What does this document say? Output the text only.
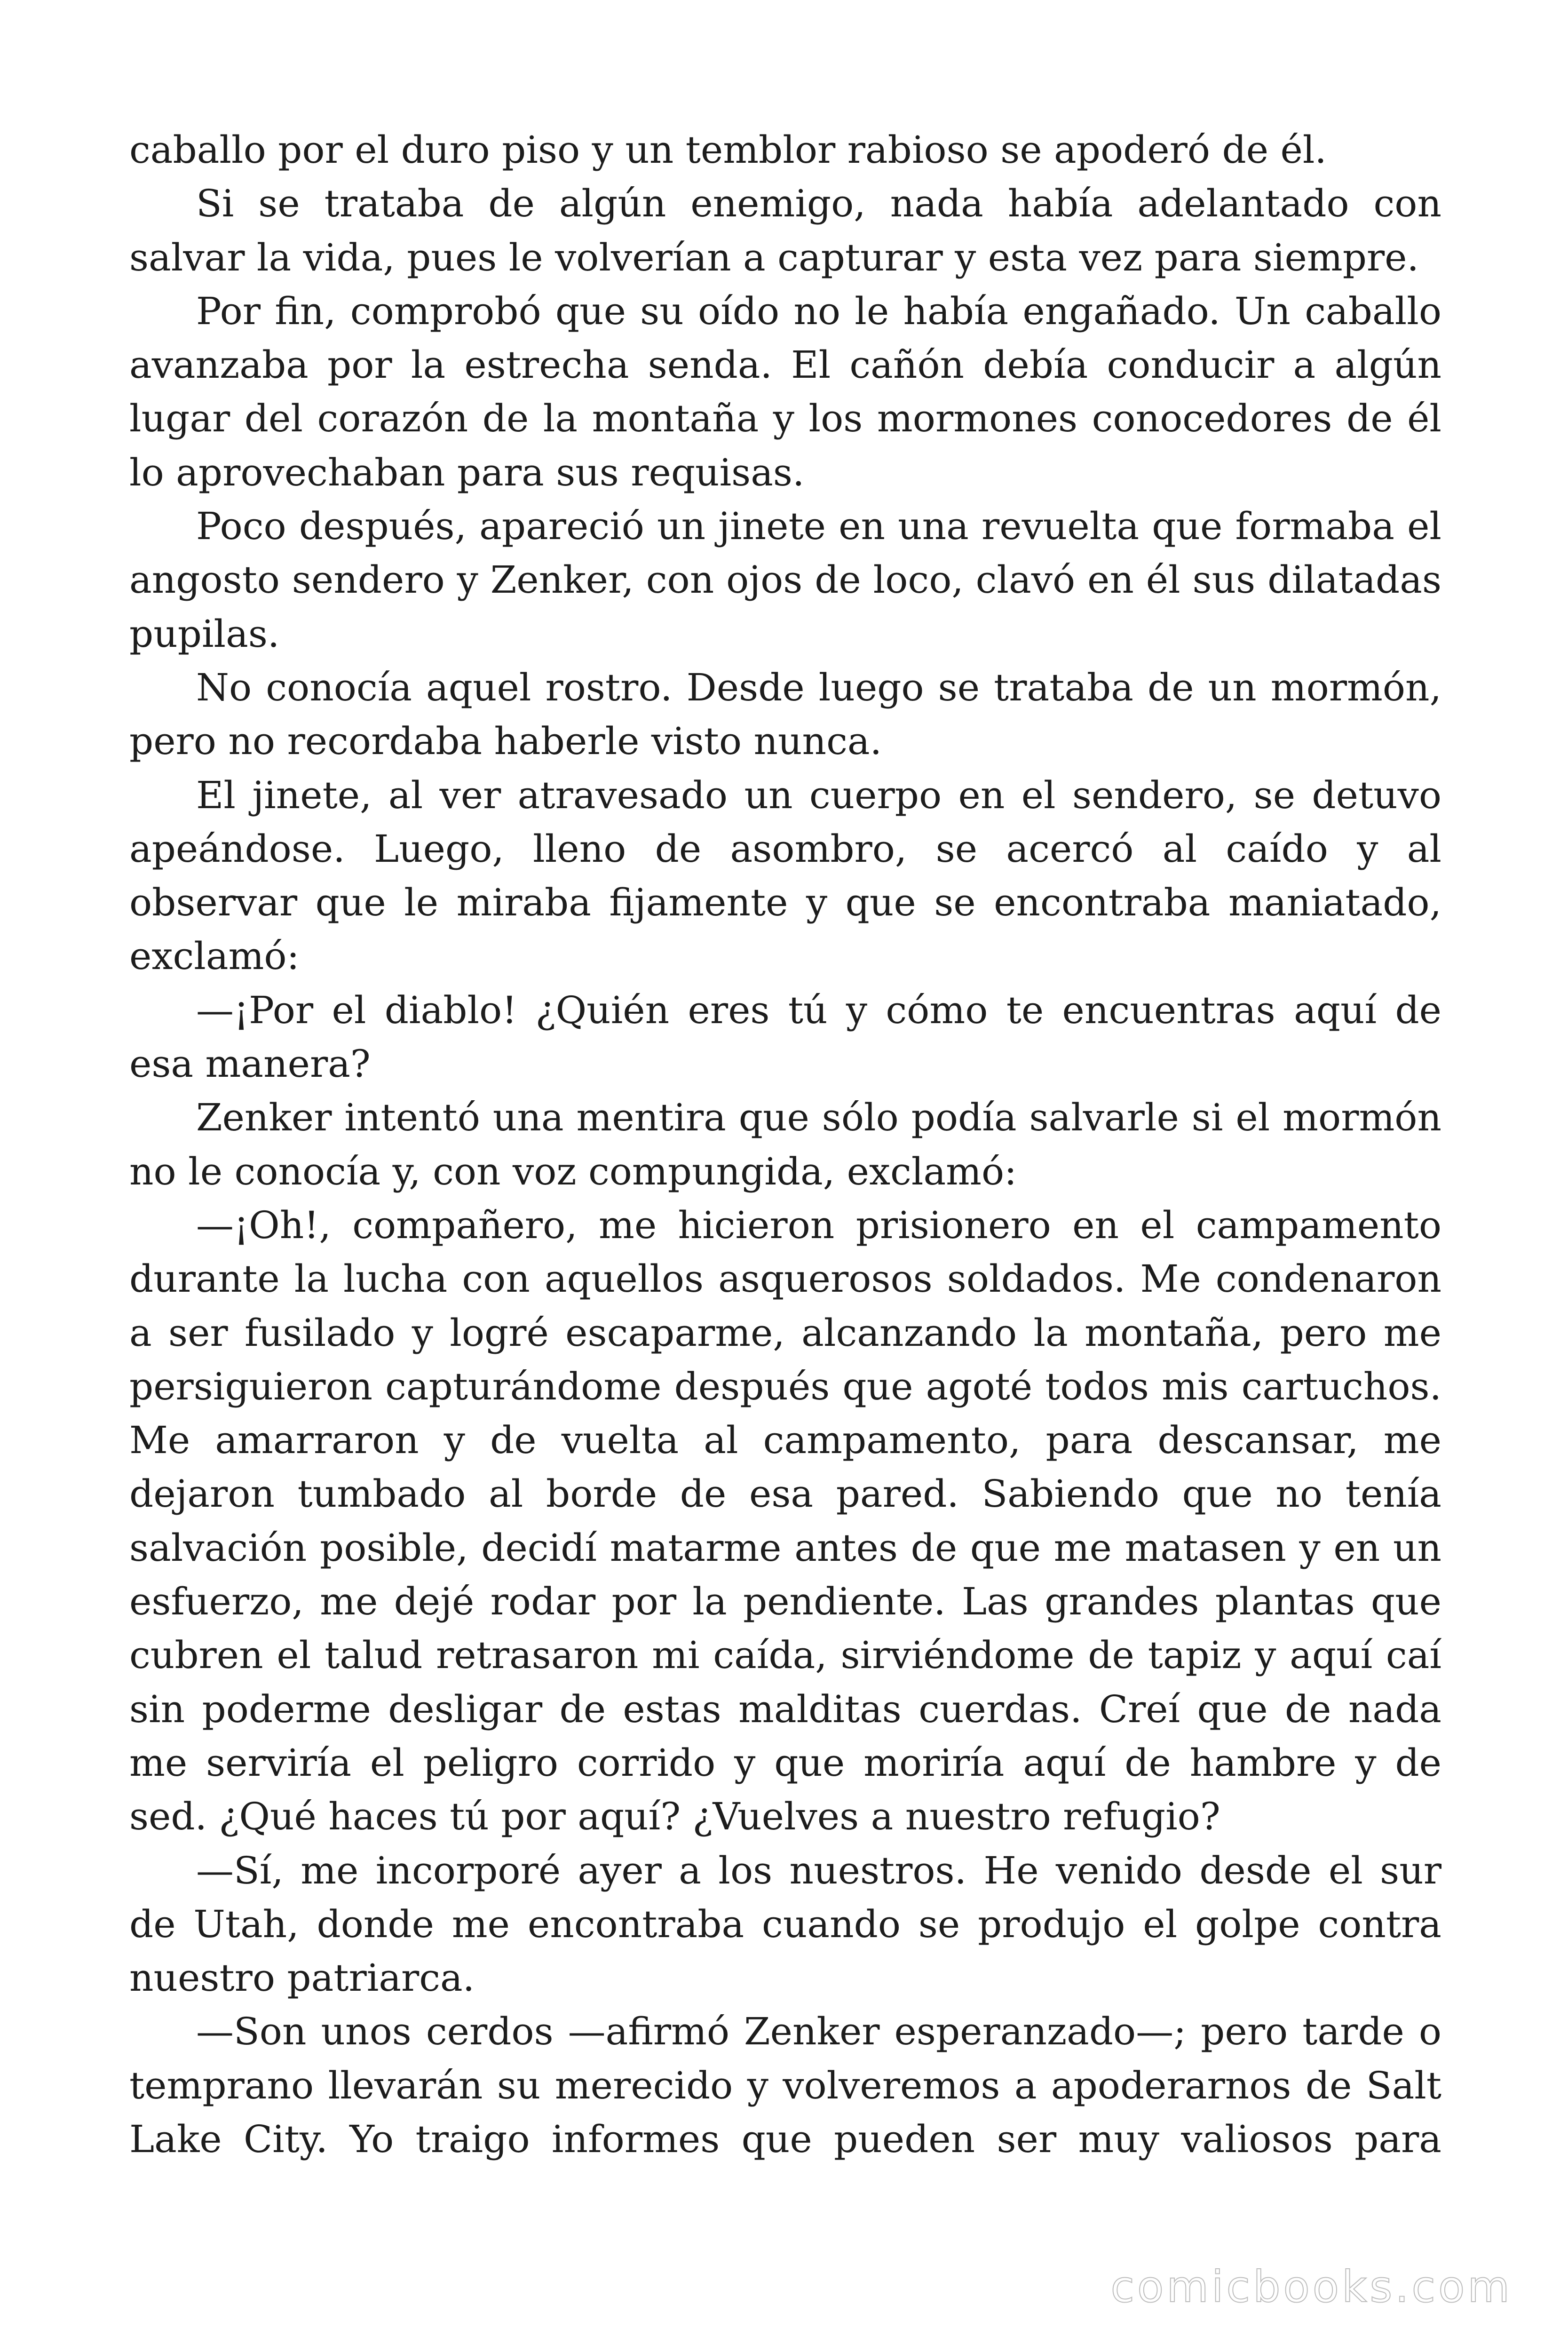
caballo por el duro piso y un temblor rabioso se apoderó de él.

Si se trataba de algún enemigo, nada había adelantado con salvar la vida, pues le volverían a capturar y esta vez para siempre.

Por fin, comprobó que su oído no le había engañado. Un caballo avanzaba por la estrecha senda. El cañón debía conducir a algún lugar del corazón de la montaña y los mormones conocedores de él lo aprovechaban para sus requisas.

Poco después, apareció un jinete en una revuelta que formaba el angosto sendero y Zenker, con ojos de loco, clavó en él sus dilatadas pupilas.

No conocía aquel rostro. Desde luego se trataba de un mormón, pero no recordaba haberle visto nunca.

El jinete, al ver atravesado un cuerpo en el sendero, se detuvo apeándose. Luego, lleno de asombro, se acercó al caído y al observar que le miraba fijamente y que se encontraba maniatado, exclamó:

—¡Por el diablo! ¿Quién eres tú y cómo te encuentras aquí de esa manera?

Zenker intentó una mentira que sólo podía salvarle si el mormón no le conocía y, con voz compungida, exclamó:

—¡Oh!, compañero, me hicieron prisionero en el campamento durante la lucha con aquellos asquerosos soldados. Me condenaron a ser fusilado y logré escaparme, alcanzando la montaña, pero me persiguieron capturándome después que agoté todos mis cartuchos. Me amarraron y de vuelta al campamento, para descansar, me dejaron tumbado al borde de esa pared. Sabiendo que no tenía salvación posible, decidí matarme antes de que me matasen y en un esfuerzo, me dejé rodar por la pendiente. Las grandes plantas que cubren el talud retrasaron mi caída, sirviéndome de tapiz y aquí caí sin poderme desligar de estas malditas cuerdas. Creí que de nada me serviría el peligro corrido y que moriría aquí de hambre y de sed. ¿Qué haces tú por aquí? ¿Vuelves a nuestro refugio?

—Sí, me incorporé ayer a los nuestros. He venido desde el sur de Utah, donde me encontraba cuando se produjo el golpe contra nuestro patriarca.

—Son unos cerdos —afirmó Zenker esperanzado—; pero tarde o temprano llevarán su merecido y volveremos a apoderarnos de Salt Lake City. Yo traigo informes que pueden ser muy valiosos para

comicbooks.com
